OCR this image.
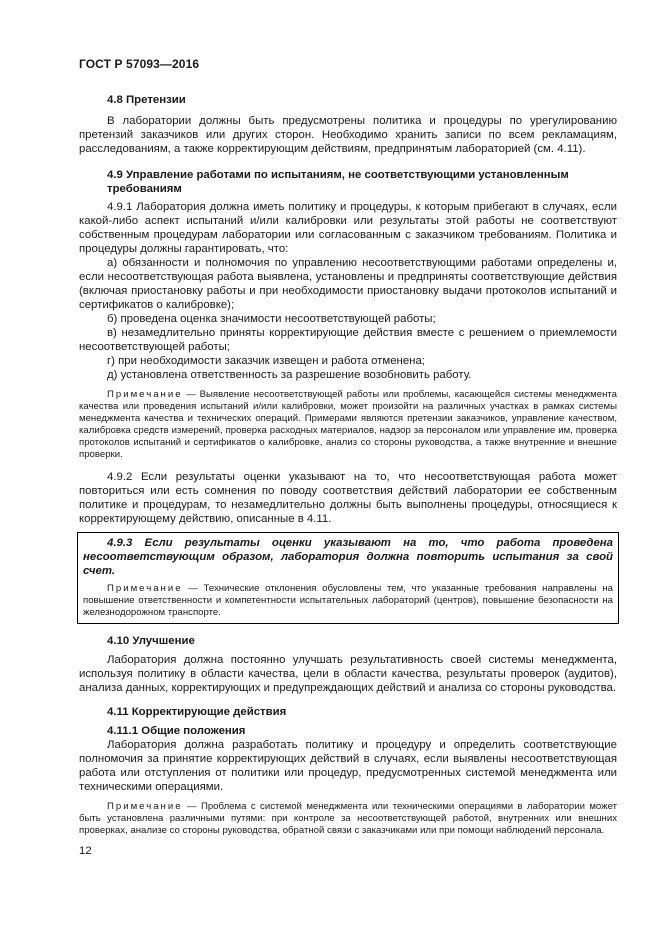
ГОСТ Р 57093—2016
4.8 Претензии

В лаборатории должны быть предусмотрены политика и процедуры по урегулированию претензий заказчиков или других сторон. Необходимо хранить записи по всем рекламациям, расследованиям, а также корректирующим действиям, предпринятым лабораторией (см. 4.11).

4.9 Управление работами по испытаниям, не соответствующими установленным
требованиям

4.9.1 Лаборатория должна иметь политику и процедуры, к которым прибегают в случаях, если какой-либо аспект испытаний и/или калибровки или результаты этой работы не соответствуют собственным процедурам лаборатории или согласованным с заказчиком требованиям. Политика и процедуры должны гарантировать, что:

а) обязанности и полномочия по управлению несоответствующими работами определены и, если несоответствующая работа выявлена, установлены и предприняты соответствующие действия (включая приостановку работы и при необходимости приостановку выдачи протоколов испытаний и сертификатов о калибровке);

б) проведена оценка значимости несоответствующей работы;

в) незамедлительно приняты корректирующие действия вместе с решением о приемлемости несоответствующей работы;

г) при необходимости заказчик извещен и работа отменена;

д) установлена ответственность за разрешение возобновить работу.

Примечание — Выявление несоответствующей работы или проблемы, касающейся системы менеджмента качества или проведения испытаний и/или калибровки, может произойти на различных участках в рамках системы менеджмента качества и технических операций. Примерами являются претензии заказчиков, управление качеством, калибровка средств измерений, проверка расходных материалов, надзор за персоналом или управление им, проверка протоколов испытаний и сертификатов о калибровке, анализ со стороны руководства, а также внутренние и внешние проверки.

4.9.2 Если результаты оценки указывают на то, что несоответствующая работа может повториться или есть сомнения по поводу соответствия действий лаборатории ее собственным политике и процедурам, то незамедлительно должны быть выполнены процедуры, относящиеся к корректирующему действию, описанные в 4.11.

4.9.3 Если результаты оценки указывают на то, что работа проведена несоответствующим образом, лаборатория должна повторить испытания за свой счет.

Примечание — Технические отклонения обусловлены тем, что указанные требования направлены на повышение ответственности и компетентности испытательных лабораторий (центров), повышение безопасности на железнодорожном транспорте.

4.10 Улучшение

Лаборатория должна постоянно улучшать результативность своей системы менеджмента, используя политику в области качества, цели в области качества, результаты проверок (аудитов), анализа данных, корректирующих и предупреждающих действий и анализа со стороны руководства.

4.11 Корректирующие действия
4.11.1 Общие положения

Лаборатория должна разработать политику и процедуру и определить соответствующие полномочия за принятие корректирующих действий в случаях, если выявлены несоответствующая работа или отступления от политики или процедур, предусмотренных системой менеджмента или техническими операциями.

Примечание — Проблема с системой менеджмента или техническими операциями в лаборатории может быть установлена различными путями: при контроле за несоответствующей работой, внутренних или внешних проверках, анализе со стороны руководства, обратной связи с заказчиками или при помощи наблюдений персонала.

12
